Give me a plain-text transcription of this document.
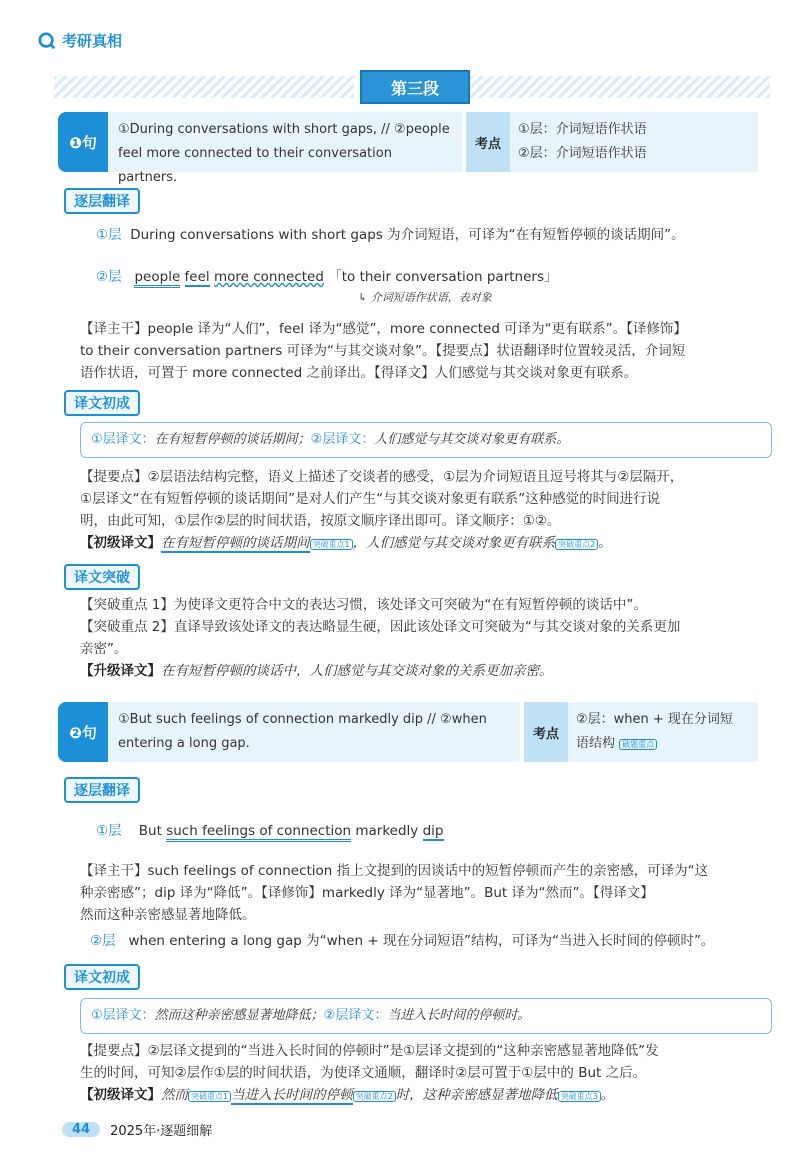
考研真相
第三段
❶句
①During conversations with short gaps, // ②people
feel more connected to their conversation partners.
考点
①层：介词短语作状语
②层：介词短语作状语
逐层翻译
①层 During conversations with short gaps 为介词短语，可译为“在有短暂停顿的谈话期间”。
②层 people feel more connected 「to their conversation partners」
↳ 介词短语作状语，表对象
【译主干】people 译为“人们”，feel 译为“感觉”，more connected 可译为“更有联系”。【译修饰】
to their conversation partners 可译为“与其交谈对象”。【提要点】状语翻译时位置较灵活，介词短
语作状语，可置于 more connected 之前译出。【得译文】人们感觉与其交谈对象更有联系。
译文初成
①层译文：在有短暂停顿的谈话期间；②层译文：人们感觉与其交谈对象更有联系。
【提要点】②层语法结构完整，语义上描述了交谈者的感受，①层为介词短语且逗号将其与②层隔开，
①层译文“在有短暂停顿的谈话期间”是对人们产生“与其交谈对象更有联系”这种感觉的时间进行说
明，由此可知，①层作②层的时间状语，按原文顺序译出即可。译文顺序：①②。
【初级译文】在有短暂停顿的谈话期间 突破重点1 ，人们感觉与其交谈对象更有联系 突破重点2 。
译文突破
【突破重点 1】为使译文更符合中文的表达习惯，该处译文可突破为“在有短暂停顿的谈话中”。
【突破重点 2】直译导致该处译文的表达略显生硬，因此该处译文可突破为“与其交谈对象的关系更加
亲密”。
【升级译文】在有短暂停顿的谈话中，人们感觉与其交谈对象的关系更加亲密。
❷句
①But such feelings of connection markedly dip // ②when
entering a long gap.
考点
②层：when + 现在分词短
语结构 破题重点
逐层翻译
①层 But such feelings of connection markedly dip
【译主干】such feelings of connection 指上文提到的因谈话中的短暂停顿而产生的亲密感，可译为“这
种亲密感”；dip 译为“降低”。【译修饰】markedly 译为“显著地”。But 译为“然而”。【得译文】
然而这种亲密感显著地降低。
②层 when entering a long gap 为“when + 现在分词短语”结构，可译为“当进入长时间的停顿时”。
译文初成
①层译文：然而这种亲密感显著地降低；②层译文：当进入长时间的停顿时。
【提要点】②层译文提到的“当进入长时间的停顿时”是①层译文提到的“这种亲密感显著地降低”发
生的时间，可知②层作①层的时间状语，为使译文通顺，翻译时②层可置于①层中的 But 之后。
【初级译文】然而 突破重点1 当进入长时间的停顿 突破重点2 时，这种亲密感显著地降低 突破重点3 。
44	2025年·逐题细解
